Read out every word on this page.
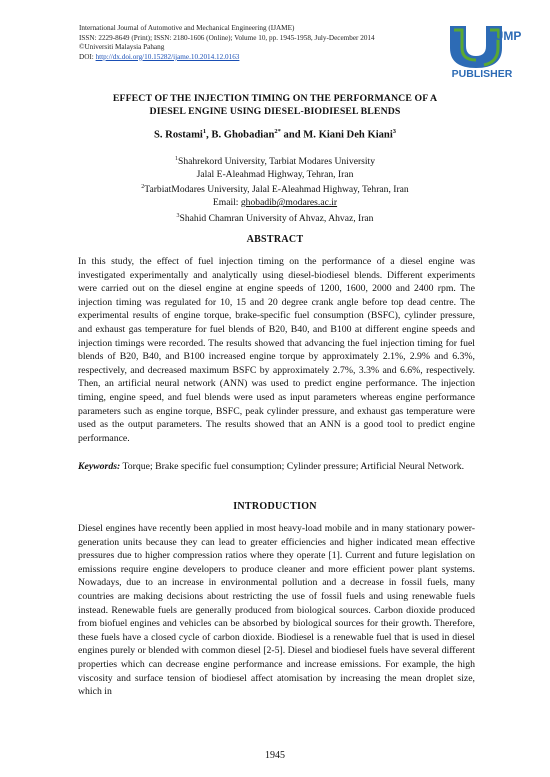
International Journal of Automotive and Mechanical Engineering (IJAME)
ISSN: 2229-8649 (Print); ISSN: 2180-1606 (Online); Volume 10, pp. 1945-1958, July-December 2014
©Universiti Malaysia Pahang
DOI: http://dx.doi.org/10.15282/ijame.10.2014.12.0163
UMP
PUBLISHER
EFFECT OF THE INJECTION TIMING ON THE PERFORMANCE OF A
DIESEL ENGINE USING DIESEL-BIODIESEL BLENDS
S. Rostami$^1$, B. Ghobadian$^{2*}$ and M. Kiani Deh Kiani$^3$
$^1$Shahrekord University, Tarbiat Modares University
Jalal E-Aleahmad Highway, Tehran, Iran
$^2$TarbiatModares University, Jalal E-Aleahmad Highway, Tehran, Iran
Email: ghobadib@modares.ac.ir
$^3$Shahid Chamran University of Ahvaz, Ahvaz, Iran
ABSTRACT

In this study, the effect of fuel injection timing on the performance of a diesel engine was investigated experimentally and analytically using diesel-biodiesel blends. Different experiments were carried out on the diesel engine at engine speeds of 1200, 1600, 2000 and 2400 rpm. The injection timing was regulated for 10, 15 and 20 degree crank angle before top dead centre. The experimental results of engine torque, brake-specific fuel consumption (BSFC), cylinder pressure, and exhaust gas temperature for fuel blends of B20, B40, and B100 at different engine speeds and injection timings were recorded. The results showed that advancing the fuel injection timing for fuel blends of B20, B40, and B100 increased engine torque by approximately 2.1%, 2.9% and 6.3%, respectively, and decreased maximum BSFC by approximately 2.7%, 3.3% and 6.6%, respectively. Then, an artificial neural network (ANN) was used to predict engine performance. The injection timing, engine speed, and fuel blends were used as input parameters whereas engine performance parameters such as engine torque, BSFC, peak cylinder pressure, and exhaust gas temperature were used as the output parameters. The results showed that an ANN is a good tool to predict engine performance.

Keywords: Torque; Brake specific fuel consumption; Cylinder pressure; Artificial Neural Network.

INTRODUCTION

Diesel engines have recently been applied in most heavy-load mobile and in many stationary power-generation units because they can lead to greater efficiencies and higher indicated mean effective pressures due to higher compression ratios where they operate [1]. Current and future legislation on emissions require engine developers to produce cleaner and more efficient power plant systems. Nowadays, due to an increase in environmental pollution and a decrease in fossil fuels, many countries are making decisions about restricting the use of fossil fuels and using renewable fuels instead. Renewable fuels are generally produced from biological sources. Carbon dioxide produced from biofuel engines and vehicles can be absorbed by biological sources for their growth. Therefore, these fuels have a closed cycle of carbon dioxide. Biodiesel is a renewable fuel that is used in diesel engines purely or blended with common diesel [2-5]. Diesel and biodiesel fuels have several different properties which can decrease engine performance and increase emissions. For example, the high viscosity and surface tension of biodiesel affect atomisation by increasing the mean droplet size, which in

1945
